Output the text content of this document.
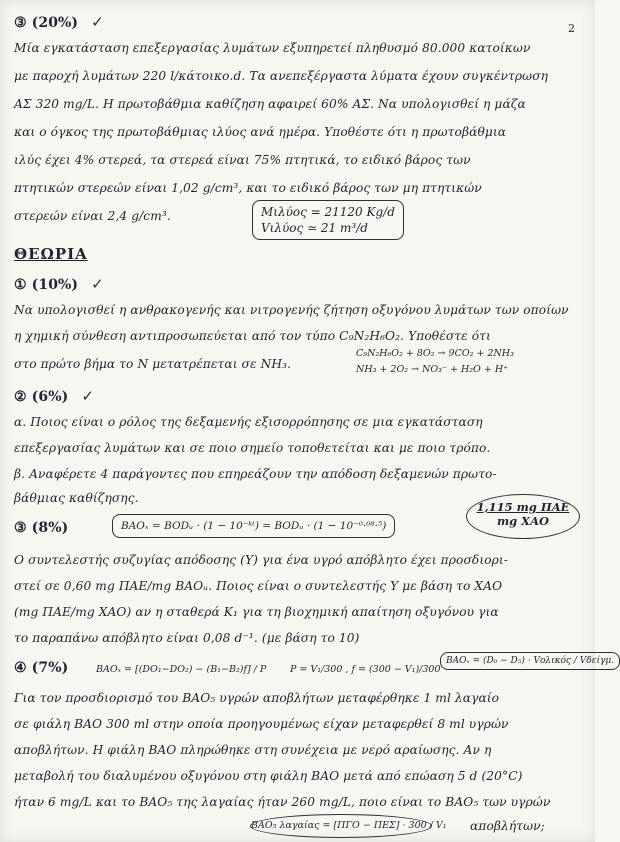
2
③ (20%) ✓
Μία εγκατάσταση επεξεργασίας λυμάτων εξυπηρετεί πληθυσμό 80.000 κατοίκων
με παροχή λυμάτων 220 l/κάτοικο.d. Τα ανεπεξέργαστα λύματα έχουν συγκέντρωση
ΑΣ 320 mg/L. Η πρωτοβάθμια καθίζηση αφαιρεί 60% ΑΣ. Να υπολογισθεί η μάζα
και ο όγκος της πρωτοβάθμιας ιλύος ανά ημέρα. Υποθέστε ότι η πρωτοβάθμια
ιλύς έχει 4% στερεά, τα στερεά είναι 75% πτητικά, το ειδικό βάρος των
πτητικών στερεών είναι 1,02 g/cm³, και το ειδικό βάρος των μη πτητικών
στερεών είναι 2,4 g/cm³.	Mιλύος = 21120 Kg/d
Vιλύος ≃ 21 m³/d
ΘΕΩΡΙΑ
① (10%) ✓
Να υπολογισθεί η ανθρακογενής και νιτρογενής ζήτηση οξυγόνου λυμάτων των οποίων
η χημική σύνθεση αντιπροσωπεύεται από τον τύπο C₉N₂H₆O₂. Υποθέστε ότι
στο πρώτο βήμα το N μετατρέπεται σε NH₃.
C₉N₂H₆O₂ + 8O₂ → 9CO₂ + 2NH₃
NH₃ + 2O₂ → NO₃⁻ + H₂O + H⁺
② (6%) ✓
α. Ποιος είναι ο ρόλος της δεξαμενής εξισορρόπησης σε μια εγκατάσταση
επεξεργασίας λυμάτων και σε ποιο σημείο τοποθετείται και με ποιο τρόπο.
β. Αναφέρετε 4 παράγοντες που επηρεάζουν την απόδοση δεξαμενών πρωτο-
βάθμιας καθίζησης.
③ (8%)	BAOₓ = BODᵤ · (1 − 10⁻ᵏᵗ) = BODᵤ · (1 − 10⁻⁰·⁰⁸·⁵)
1,115 mg ΠΑΕ
mg ΧΑΟ
Ο συντελεστής συζυγίας απόδοσης (Y) για ένα υγρό απόβλητο έχει προσδιορι-
στεί σε 0,60 mg ΠΑΕ/mg BAOᵤ. Ποιος είναι ο συντελεστής Y με βάση το ΧΑΟ
(mg ΠΑΕ/mg ΧΑΟ) αν η σταθερά K₁ για τη βιοχημική απαίτηση οξυγόνου για
το παραπάνω απόβλητο είναι 0,08 d⁻¹. (με βάση το 10)
④ (7%)	BAOₓ = [(DO₁−DO₂) − (B₁−B₂)f] / P P = V₁/300 , f = (300 − V₁)/300
BAOₓ = (D₀ − D₅) · Vολικός / Vδείγμ.
Για τον προσδιορισμό του BAO₅ υγρών αποβλήτων μεταφέρθηκε 1 ml λαγαίο
σε φιάλη BAO 300 ml στην οποία προηγουμένως είχαν μεταφερθεί 8 ml υγρών
αποβλήτων. Η φιάλη BAO πληρώθηκε στη συνέχεια με νερό αραίωσης. Αν η
μεταβολή του διαλυμένου οξυγόνου στη φιάλη BAO μετά από επώαση 5 d (20°C)
ήταν 6 mg/L και το BAO₅ της λαγαίας ήταν 260 mg/L, ποιο είναι το BAO₅ των υγρών
BAO₅ λαγαίας = [ΠΓΟ − ΠΕΣ] · 300 / V₁ αποβλήτων;
